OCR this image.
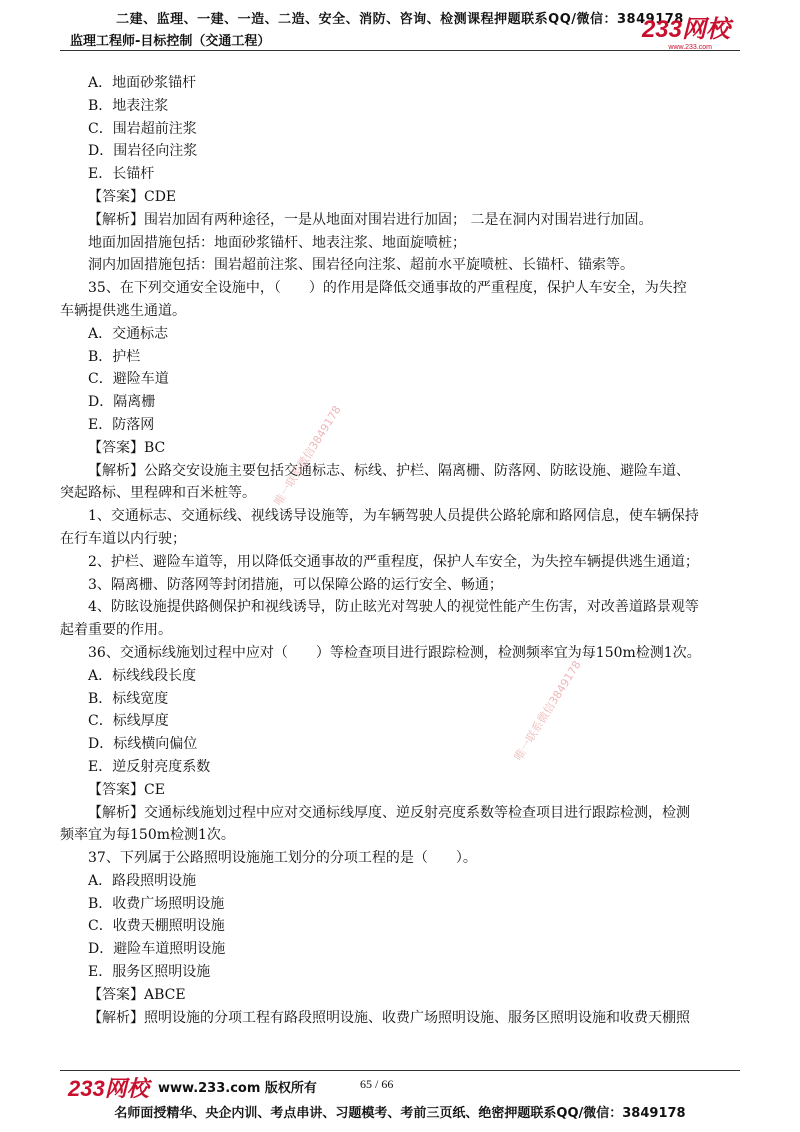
二建、监理、一建、一造、二造、安全、消防、咨询、检测课程押题联系QQ/微信：3849178
监理工程师-目标控制（交通工程）	233网校
www.233.com
A．地面砂浆锚杆
B．地表注浆
C．围岩超前注浆
D．围岩径向注浆
E．长锚杆
【答案】CDE
【解析】围岩加固有两种途径，一是从地面对围岩进行加固； 二是在洞内对围岩进行加固。
地面加固措施包括：地面砂浆锚杆、地表注浆、地面旋喷桩；
洞内加固措施包括：围岩超前注浆、围岩径向注浆、超前水平旋喷桩、长锚杆、锚索等。
35、在下列交通安全设施中，（　　）的作用是降低交通事故的严重程度，保护人车安全，为失控
车辆提供逃生通道。
A．交通标志
B．护栏
C．避险车道
D．隔离栅
E．防落网
【答案】BC
【解析】公路交安设施主要包括交通标志、标线、护栏、隔离栅、防落网、防眩设施、避险车道、
突起路标、里程碑和百米桩等。
1、交通标志、交通标线、视线诱导设施等，为车辆驾驶人员提供公路轮廓和路网信息，使车辆保持
在行车道以内行驶；
2、护栏、避险车道等，用以降低交通事故的严重程度，保护人车安全，为失控车辆提供逃生通道；
3、隔离栅、防落网等封闭措施，可以保障公路的运行安全、畅通；
4、防眩设施提供路侧保护和视线诱导，防止眩光对驾驶人的视觉性能产生伤害，对改善道路景观等
起着重要的作用。
36、交通标线施划过程中应对（　　）等检查项目进行跟踪检测，检测频率宜为每150m检测1次。
A．标线线段长度
B．标线宽度
C．标线厚度
D．标线横向偏位
E．逆反射亮度系数
【答案】CE
【解析】交通标线施划过程中应对交通标线厚度、逆反射亮度系数等检查项目进行跟踪检测，检测
频率宜为每150m检测1次。
37、下列属于公路照明设施施工划分的分项工程的是（　　）。
A．路段照明设施
B．收费广场照明设施
C．收费天棚照明设施
D．避险车道照明设施
E．服务区照明设施
【答案】ABCE
【解析】照明设施的分项工程有路段照明设施、收费广场照明设施、服务区照明设施和收费天棚照
唯一联系微信3849178
唯一联系微信3849178
233网校 www.233.com 版权所有	65 / 66
名师面授精华、央企内训、考点串讲、习题模考、考前三页纸、绝密押题联系QQ/微信：3849178
